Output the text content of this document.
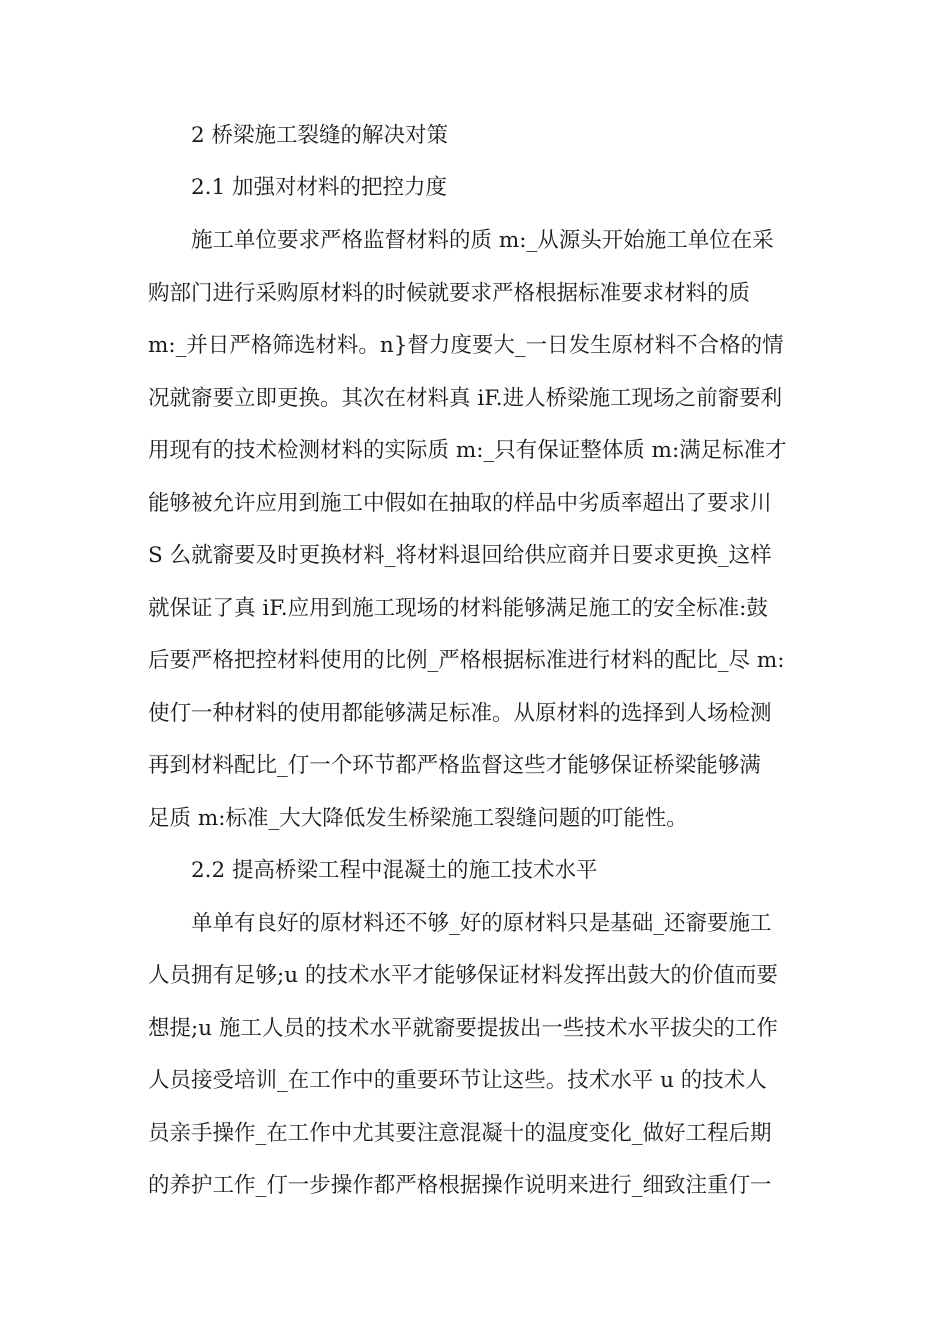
2 桥梁施工裂缝的解决对策
2.1 加强对材料的把控力度
施工单位要求严格监督材料的质 m:_从源头开始施工单位在采
购部门进行采购原材料的时候就要求严格根据标准要求材料的质
m:_并日严格筛选材料。n}督力度要大_一日发生原材料不合格的情
况就窬要立即更换。其次在材料真 iF.进人桥梁施工现场之前窬要利
用现有的技术检测材料的实际质 m:_只有保证整体质 m:满足标准才
能够被允许应用到施工中假如在抽取的样品中劣质率超出了要求川
S 么就窬要及时更换材料_将材料退回给供应商并日要求更换_这样
就保证了真 iF.应用到施工现场的材料能够满足施工的安全标准:鼓
后要严格把控材料使用的比例_严格根据标准进行材料的配比_尽 m:
使仃一种材料的使用都能够满足标准。从原材料的选择到人场检测
再到材料配比_仃一个环节都严格监督这些才能够保证桥梁能够满
足质 m:标准_大大降低发生桥梁施工裂缝问题的叮能性。
2.2 提高桥梁工程中混凝土的施工技术水平
单单有良好的原材料还不够_好的原材料只是基础_还窬要施工
人员拥有足够;u 的技术水平才能够保证材料发挥出鼓大的价值而要
想提;u 施工人员的技术水平就窬要提拔出一些技术水平拔尖的工作
人员接受培训_在工作中的重要环节让这些。技术水平 u 的技术人
员亲手操作_在工作中尤其要注意混凝十的温度变化_做好工程后期
的养护工作_仃一步操作都严格根据操作说明来进行_细致注重仃一
